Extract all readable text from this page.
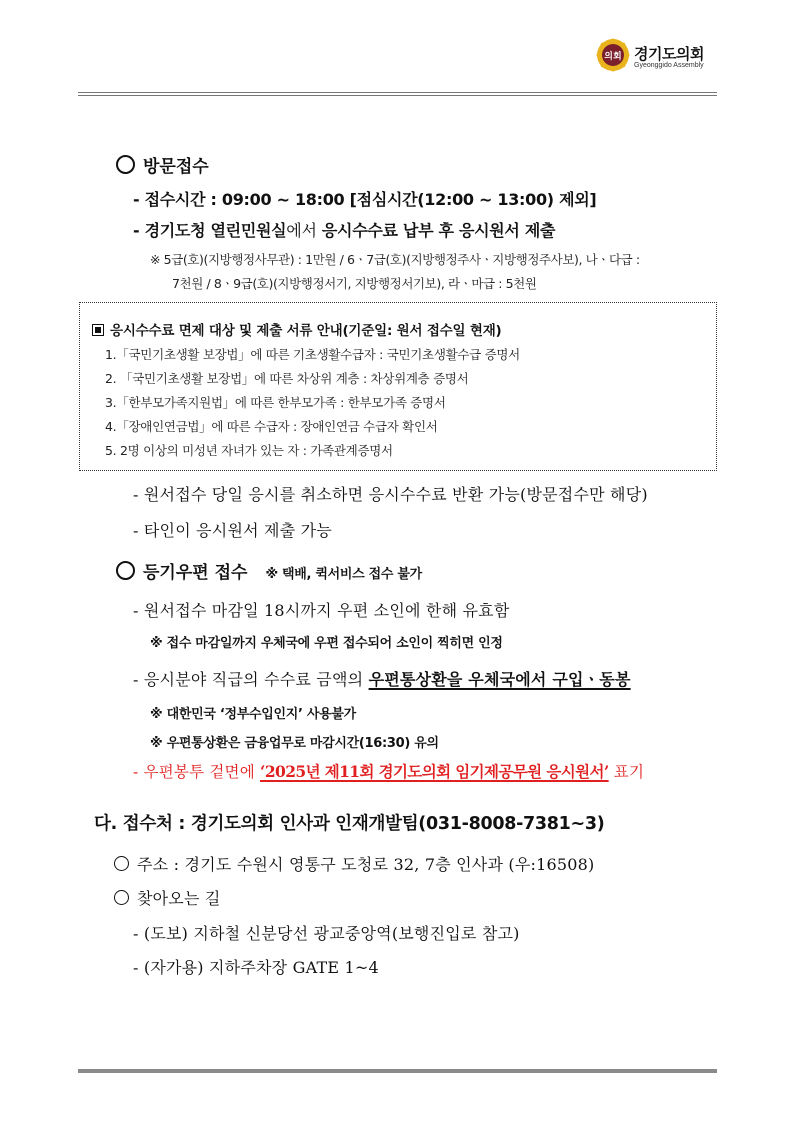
의회 경기도의회
Gyeonggido Assembly
방문접수
- 접수시간 : 09:00 ~ 18:00 [점심시간(12:00 ~ 13:00) 제외]
- 경기도청 열린민원실에서 응시수수료 납부 후 응시원서 제출
※ 5급(호)(지방행정사무관) : 1만원 / 6ㆍ7급(호)(지방행정주사ㆍ지방행정주사보), 나ㆍ다급 :
7천원 / 8ㆍ9급(호)(지방행정서기, 지방행정서기보), 라ㆍ마급 : 5천원
응시수수료 면제 대상 및 제출 서류 안내(기준일: 원서 접수일 현재)
1.「국민기초생활 보장법」에 따른 기초생활수급자 : 국민기초생활수급 증명서
2. 「국민기초생활 보장법」에 따른 차상위 계층 : 차상위계층 증명서
3.「한부모가족지원법」에 따른 한부모가족 : 한부모가족 증명서
4.「장애인연금법」에 따른 수급자 : 장애인연금 수급자 확인서
5. 2명 이상의 미성년 자녀가 있는 자 : 가족관계증명서
- 원서접수 당일 응시를 취소하면 응시수수료 반환 가능(방문접수만 해당)
- 타인이 응시원서 제출 가능
등기우편 접수 ※ 택배, 퀵서비스 접수 불가
- 원서접수 마감일 18시까지 우편 소인에 한해 유효함
※ 접수 마감일까지 우체국에 우편 접수되어 소인이 찍히면 인정
- 응시분야 직급의 수수료 금액의 우편통상환을 우체국에서 구입ㆍ동봉
※ 대한민국 ‘정부수입인지’ 사용불가
※ 우편통상환은 금융업무로 마감시간(16:30) 유의
- 우편봉투 겉면에 ‘2025년 제11회 경기도의회 임기제공무원 응시원서’ 표기
다. 접수처 : 경기도의회 인사과 인재개발팀(031-8008-7381~3)
주소 : 경기도 수원시 영통구 도청로 32, 7층 인사과 (우:16508)
찾아오는 길
- (도보) 지하철 신분당선 광교중앙역(보행진입로 참고)
- (자가용) 지하주차장 GATE 1~4
